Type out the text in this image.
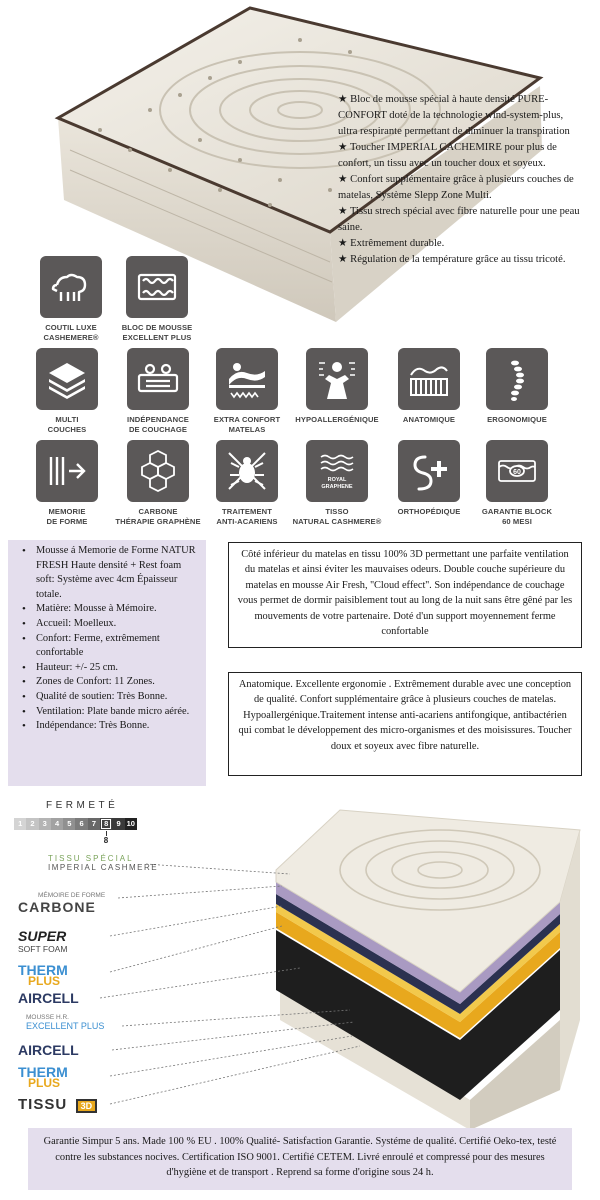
★ Bloc de mousse spécial à haute densité PURE-CONFORT doté de la technologie wind-system-plus, ultra respirante permettant de diminuer la transpiration

★ Toucher IMPERIAL CACHEMIRE pour plus de confort, un tissu avec un toucher doux et soyeux.

★ Confort supplémentaire grâce à plusieurs couches de matelas, Système Slepp Zone Multi.

★ Tissu strech spécial avec fibre naturelle pour une peau saine.

★ Extrêmement durable.

★ Régulation de la température grâce au tissu tricoté.

COUTIL LUXE
CASHEMERE®
BLOC DE MOUSSE
EXCELLENT PLUS
MULTI
COUCHES
INDÉPENDANCE
DE COUCHAGE
EXTRA CONFORT
MATELAS
HYPOALLERGÉNIQUE	ANATOMIQUE	ERGONOMIQUE
MEMORIE
DE FORME
CARBONE
THÉRAPIE GRAPHÈNE
TRAITEMENT
ANTI-ACARIENS
ROYAL
GRAPHENE
TISSO
NATURAL CASHMERE®
ORTHOPÉDIQUE
60
GARANTIE BLOCK
60 MESI
• Mousse á Memorie de Forme NATUR FRESH Haute densité + Rest foam soft: Système avec 4cm Épaisseur totale.
• Matière: Mousse à Mémoire.
• Accueil: Moelleux.
• Confort: Ferme, extrêmement confortable
• Hauteur: +/- 25 cm.
• Zones de Confort: 11 Zones.
• Qualité de soutien: Très Bonne.
• Ventilation: Plate bande micro aérée.
• Indépendance: Très Bonne.
Côté inférieur du matelas en tissu 100% 3D permettant une parfaite ventilation du matelas et ainsi éviter les mauvaises odeurs. Double couche supérieure du matelas en mousse Air Fresh, ''Cloud effect''. Son indépendance de couchage vous permet de dormir paisiblement tout au long de la nuit sans être gêné par les mouvements de votre partenaire. Doté d'un support moyennement ferme confortable
Anatomique. Excellente ergonomie . Extrêmement durable avec une conception de qualité. Confort supplémentaire grâce à plusieurs couches de matelas. Hypoallergénique.Traitement intense anti-acariens antifongique, antibactérien qui combat le développement des micro-organismes et des moisissures. Toucher doux et soyeux avec fibre naturelle.
FERMETÉ
1	2	3	4	5	6	7	8	9 10
8
TISSU SPÉCIAL
IMPERIAL CASHMERE
MÉMOIRE DE FORME
CARBONE
SUPER
SOFT FOAM
THERM
PLUS
AIRCELL
MOUSSE H.R.
EXCELLENT PLUS
AIRCELL
THERM
PLUS
TISSU 3D
Garantie Simpur 5 ans. Made 100 % EU . 100% Qualité- Satisfaction Garantie. Systéme de qualité. Certifié Oeko-tex, testé contre les substances nocives. Certification ISO 9001. Certifié CETEM. Livré enroulé et compressé pour des mesures d'hygiène et de transport . Reprend sa forme d'origine sous 24 h.
